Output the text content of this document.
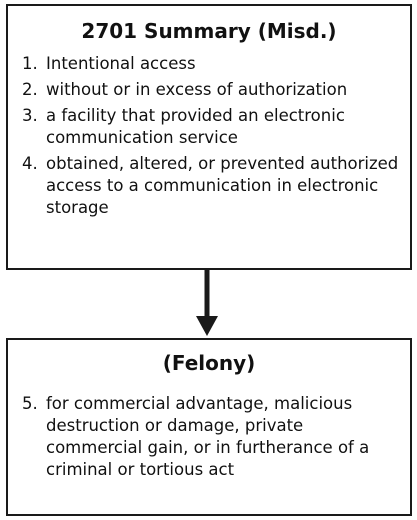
2701 Summary (Misd.)
1. Intentional access
2. without or in excess of authorization
3. a facility that provided an electronic communication service
4. obtained, altered, or prevented authorized access to a communication in electronic storage
(Felony)
5. for commercial advantage, malicious destruction or damage, private commercial gain, or in furtherance of a criminal or tortious act
